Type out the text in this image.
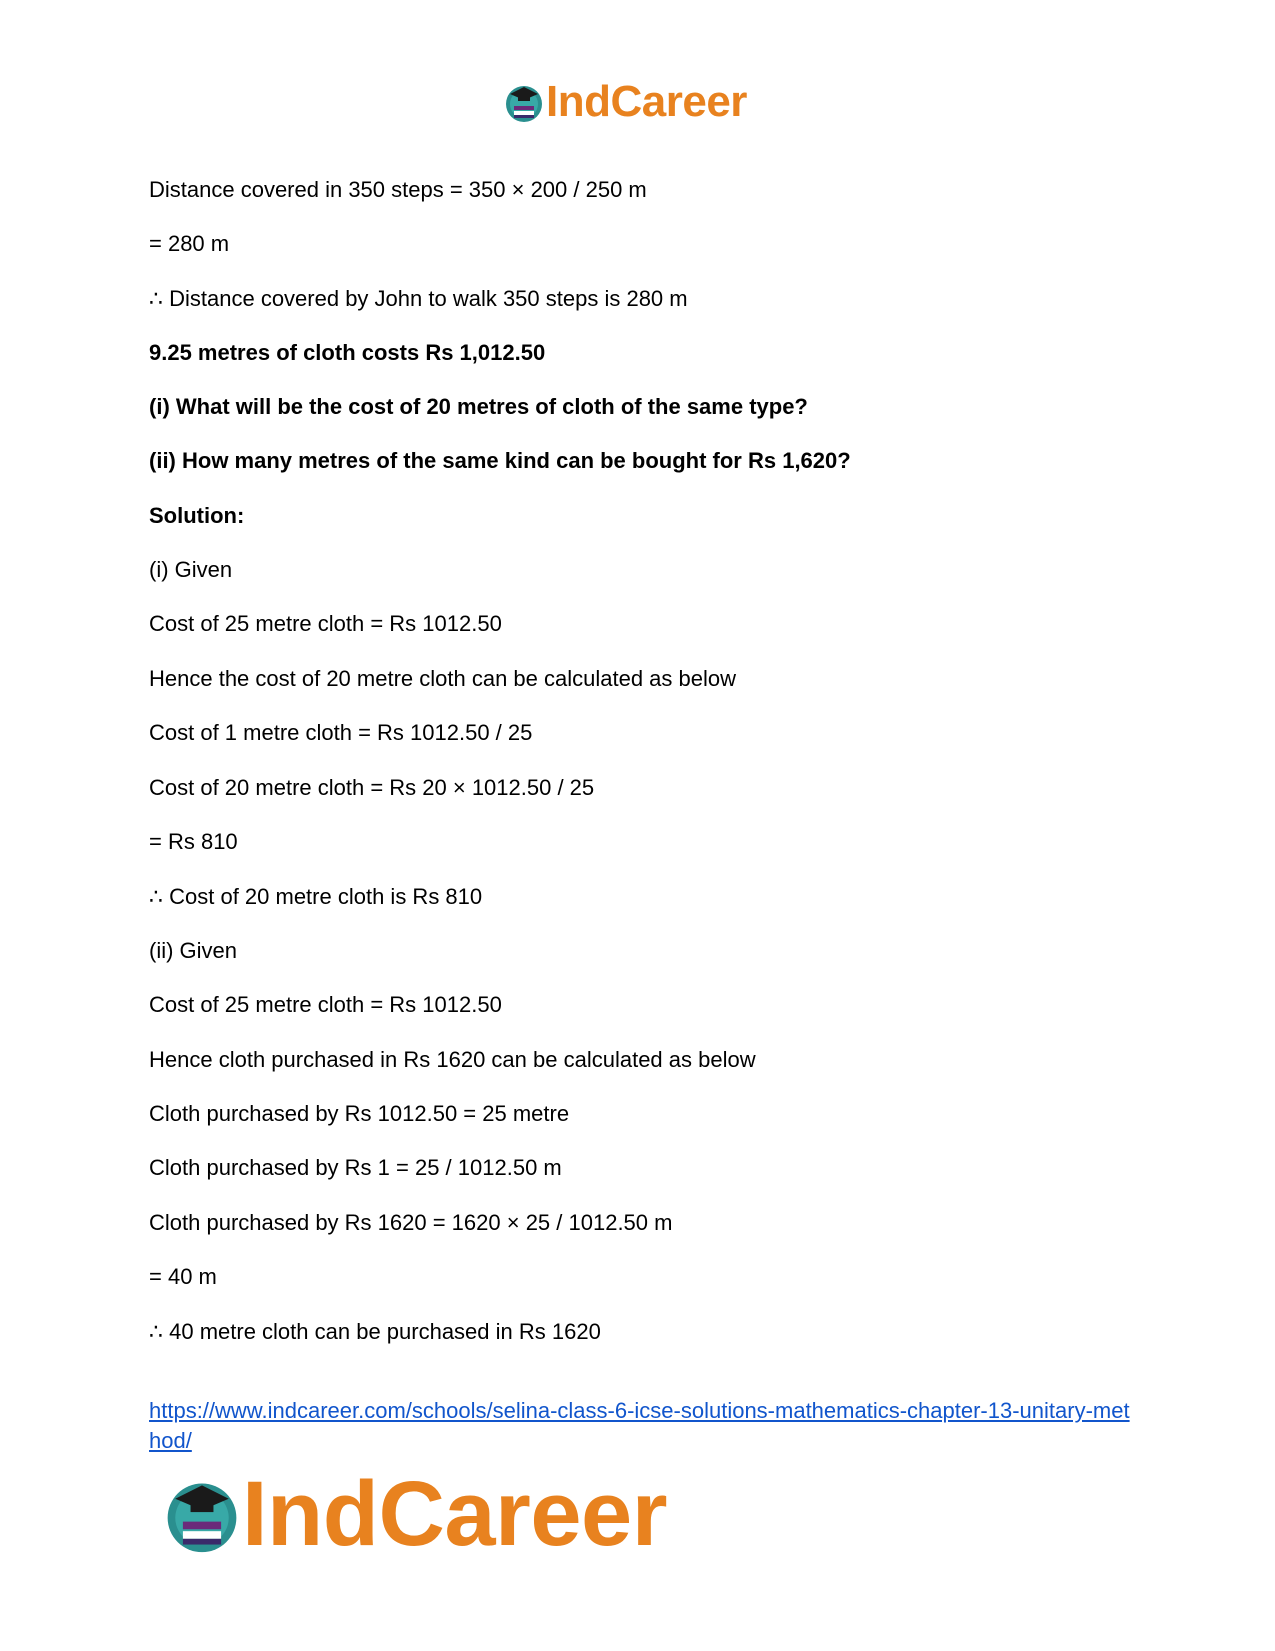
IndCareer
Distance covered in 350 steps = 350 × 200 / 250 m
= 280 m
∴ Distance covered by John to walk 350 steps is 280 m
9.25 metres of cloth costs Rs 1,012.50
(i) What will be the cost of 20 metres of cloth of the same type?
(ii) How many metres of the same kind can be bought for Rs 1,620?
Solution:
(i) Given
Cost of 25 metre cloth = Rs 1012.50
Hence the cost of 20 metre cloth can be calculated as below
Cost of 1 metre cloth = Rs 1012.50 / 25
Cost of 20 metre cloth = Rs 20 × 1012.50 / 25
= Rs 810
∴ Cost of 20 metre cloth is Rs 810
(ii) Given
Cost of 25 metre cloth = Rs 1012.50
Hence cloth purchased in Rs 1620 can be calculated as below
Cloth purchased by Rs 1012.50 = 25 metre
Cloth purchased by Rs 1 = 25 / 1012.50 m
Cloth purchased by Rs 1620 = 1620 × 25 / 1012.50 m
= 40 m
∴ 40 metre cloth can be purchased in Rs 1620
https://www.indcareer.com/schools/selina-class-6-icse-solutions-mathematics-chapter-13-unitary-method/
IndCareer
